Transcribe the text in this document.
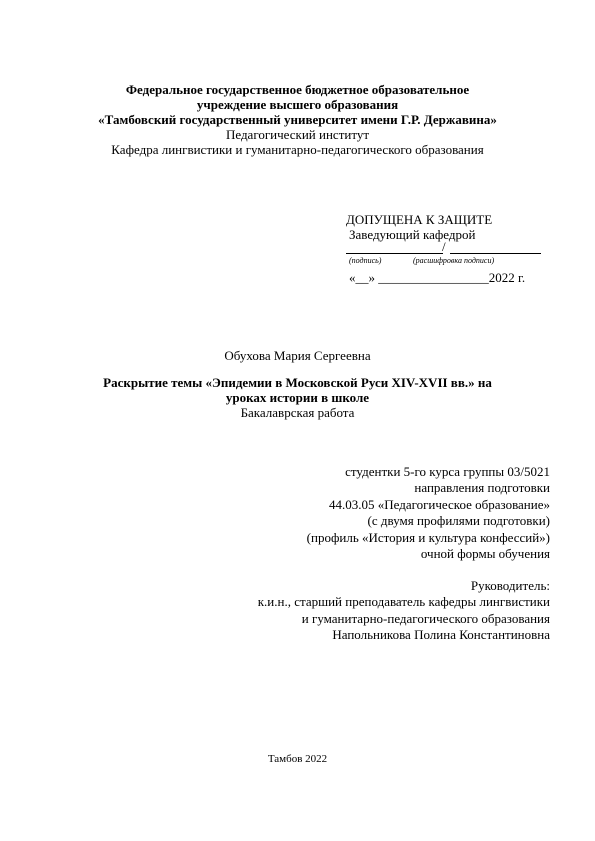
Федеральное государственное бюджетное образовательное
учреждение высшего образования
«Тамбовский государственный университет имени Г.Р. Державина»
Педагогический институт
Кафедра лингвистики и гуманитарно-педагогического образования
ДОПУЩЕНА К ЗАЩИТЕ
Заведующий кафедрой
/
(подпись)	(расшифровка подписи)
«__» _________________2022 г.
Обухова Мария Сергеевна
Раскрытие темы «Эпидемии в Московской Руси XIV-XVII вв.» на
уроках истории в школе
Бакалаврская работа
студентки 5-го курса группы 03/5021
направления подготовки
44.03.05 «Педагогическое образование»
(с двумя профилями подготовки)
(профиль «История и культура конфессий»)
очной формы обучения
Руководитель:
к.и.н., старший преподаватель кафедры лингвистики
и гуманитарно-педагогического образования
Напольникова Полина Константиновна
Тамбов 2022
